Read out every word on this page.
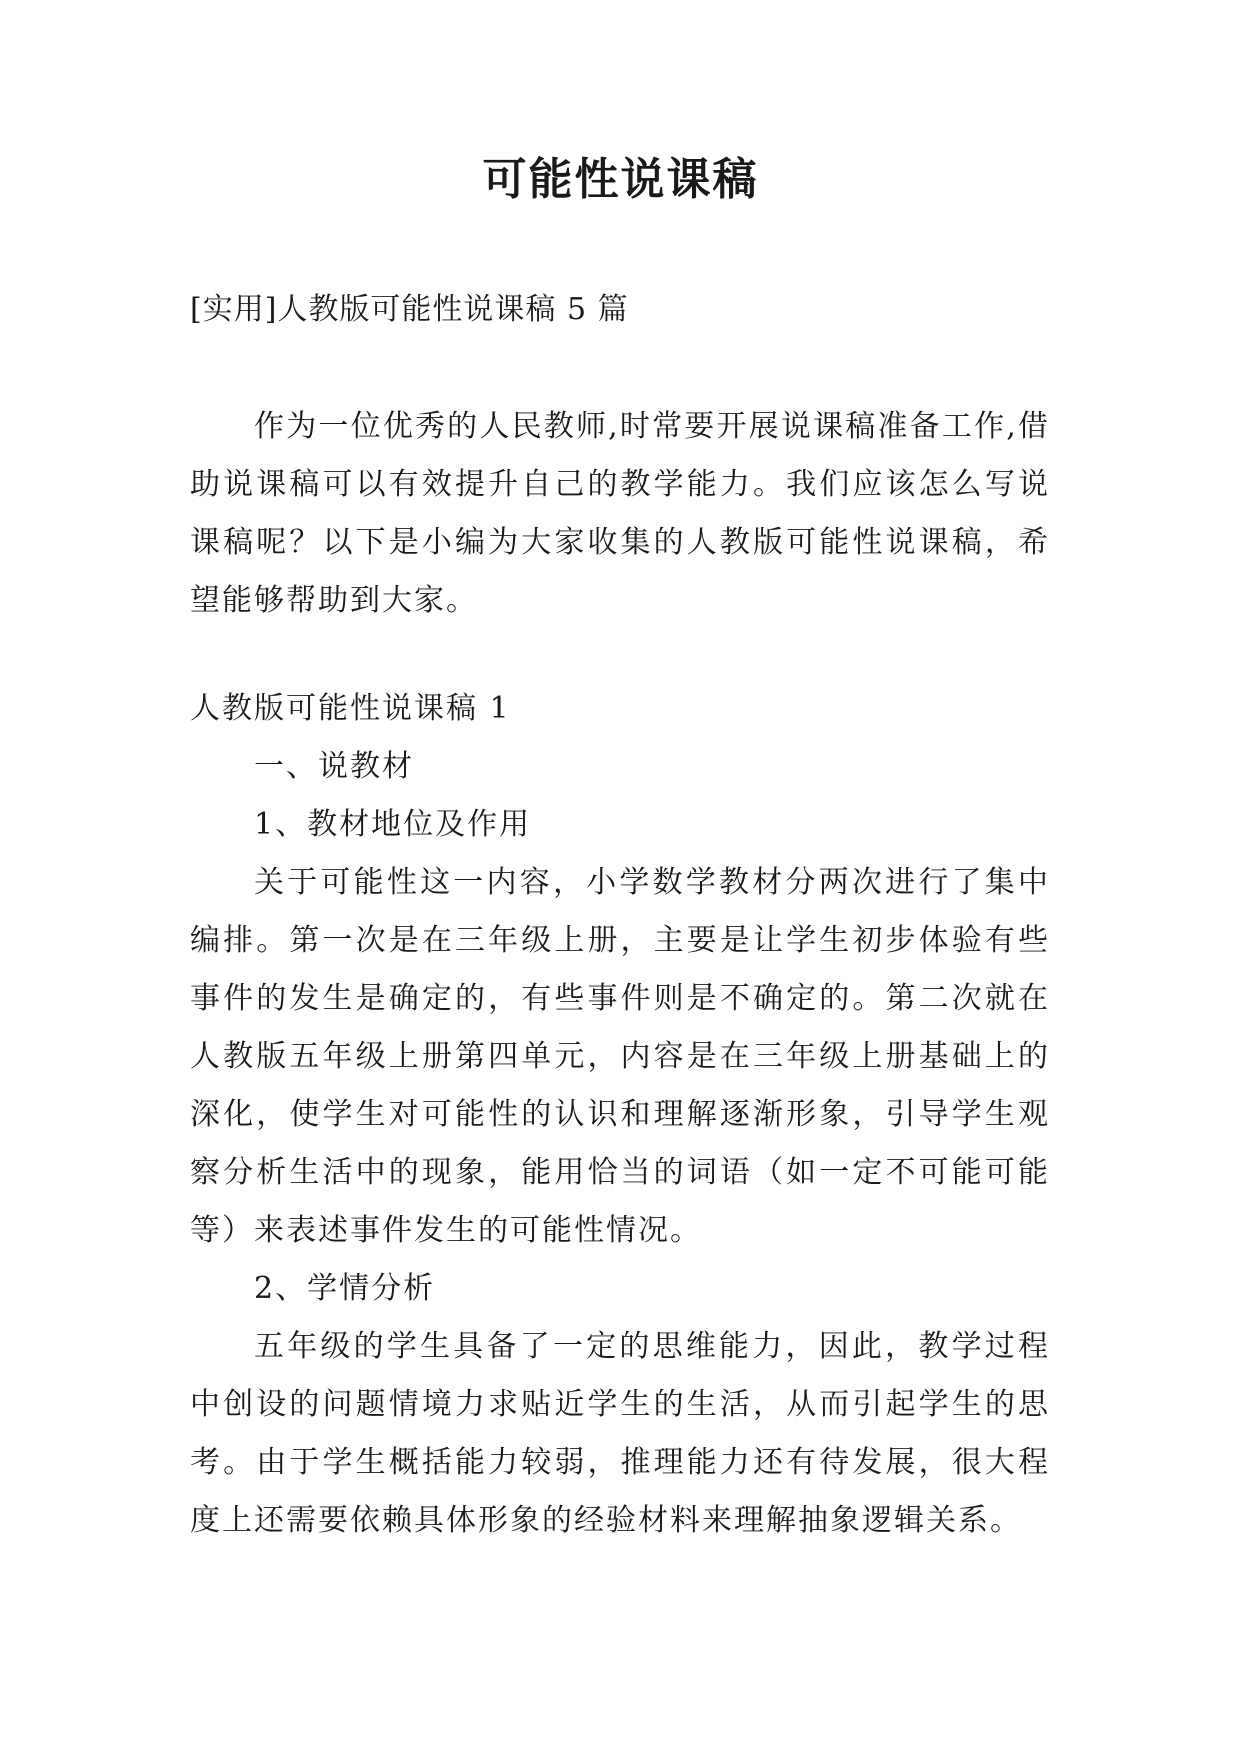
可能性说课稿
[实用]人教版可能性说课稿 5 篇

作为一位优秀的人民教师,时常要开展说课稿准备工作,借助说课稿可以有效提升自己的教学能力。我们应该怎么写说课稿呢？以下是小编为大家收集的人教版可能性说课稿，希望能够帮助到大家。

人教版可能性说课稿 1

一、说教材

1、教材地位及作用

关于可能性这一内容，小学数学教材分两次进行了集中编排。第一次是在三年级上册，主要是让学生初步体验有些事件的发生是确定的，有些事件则是不确定的。第二次就在人教版五年级上册第四单元，内容是在三年级上册基础上的深化，使学生对可能性的认识和理解逐渐形象，引导学生观察分析生活中的现象，能用恰当的词语（如一定不可能可能等）来表述事件发生的可能性情况。

2、学情分析

五年级的学生具备了一定的思维能力，因此，教学过程中创设的问题情境力求贴近学生的生活，从而引起学生的思考。由于学生概括能力较弱，推理能力还有待发展，很大程度上还需要依赖具体形象的经验材料来理解抽象逻辑关系。
